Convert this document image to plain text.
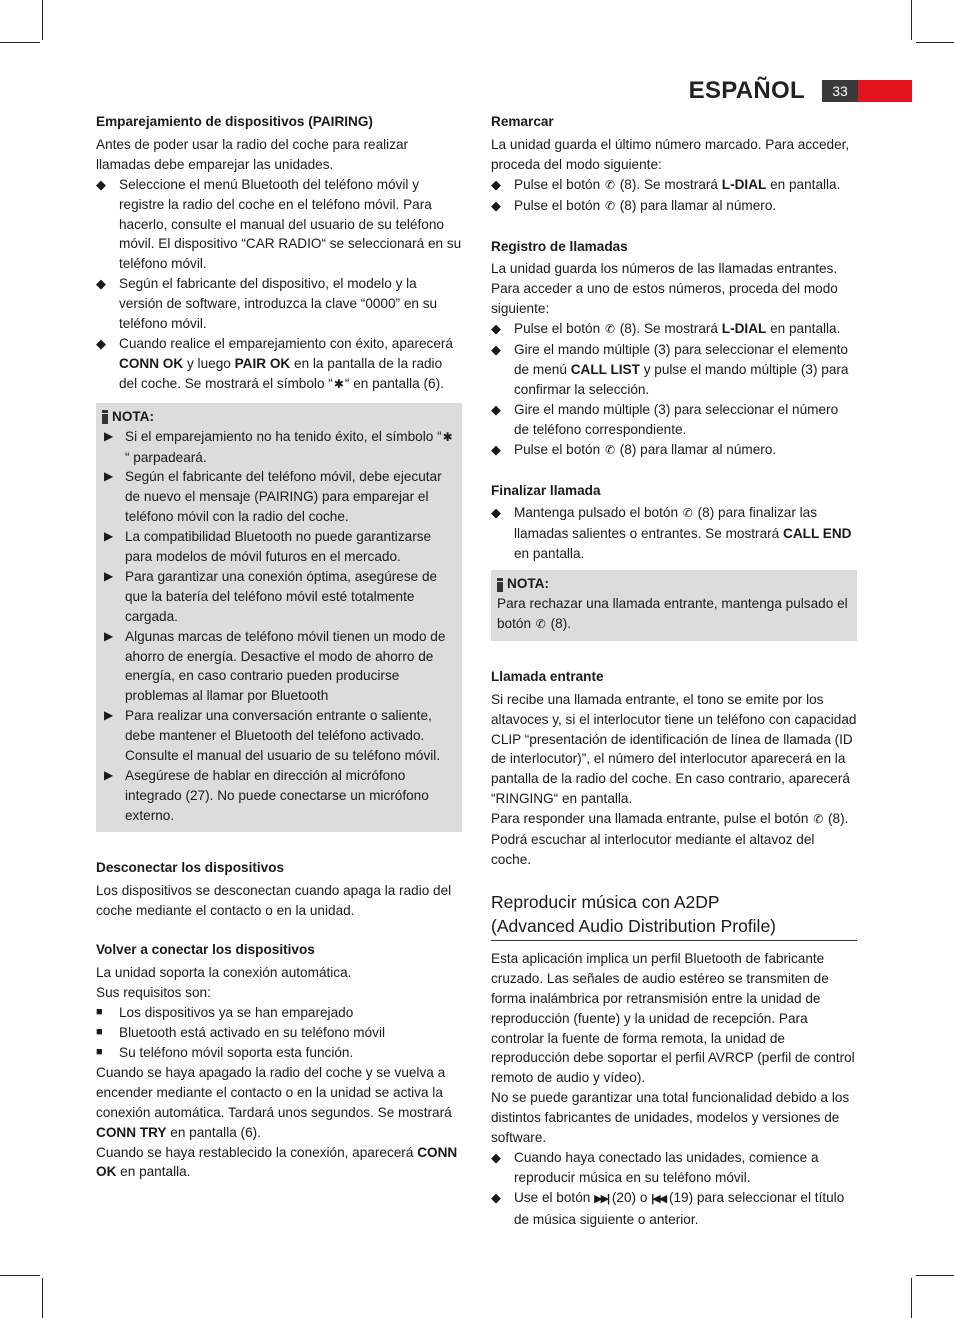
ESPAÑOL	33
Emparejamiento de dispositivos (PAIRING)

Antes de poder usar la radio del coche para realizar llamadas debe emparejar las unidades.

◆ Seleccione el menú Bluetooth del teléfono móvil y registre la radio del coche en el teléfono móvil. Para hacerlo, consulte el manual del usuario de su teléfono móvil. El dispositivo “CAR RADIO“ se seleccionará en su teléfono móvil.
◆ Según el fabricante del dispositivo, el modelo y la versión de software, introduzca la clave “0000” en su teléfono móvil.
◆ Cuando realice el emparejamiento con éxito, aparecerá CONN OK y luego PAIR OK en la pantalla de la radio del coche. Se mostrará el símbolo “✱“ en pantalla (6).
NOTA:
▶ Si el emparejamiento no ha tenido éxito, el símbolo “✱“ parpadeará.
▶ Según el fabricante del teléfono móvil, debe ejecutar de nuevo el mensaje (PAIRING) para emparejar el teléfono móvil con la radio del coche.
▶ La compatibilidad Bluetooth no puede garantizarse para modelos de móvil futuros en el mercado.
▶ Para garantizar una conexión óptima, asegúrese de que la batería del teléfono móvil esté totalmente cargada.
▶ Algunas marcas de teléfono móvil tienen un modo de ahorro de energía. Desactive el modo de ahorro de energía, en caso contrario pueden producirse problemas al llamar por Bluetooth
▶ Para realizar una conversación entrante o saliente, debe mantener el Bluetooth del teléfono activado. Consulte el manual del usuario de su teléfono móvil.
▶ Asegúrese de hablar en dirección al micrófono integrado (27). No puede conectarse un micrófono externo.
Desconectar los dispositivos

Los dispositivos se desconectan cuando apaga la radio del coche mediante el contacto o en la unidad.

Volver a conectar los dispositivos

La unidad soporta la conexión automática.

Sus requisitos son:

■ Los dispositivos ya se han emparejado
■ Bluetooth está activado en su teléfono móvil
■ Su teléfono móvil soporta esta función.

Cuando se haya apagado la radio del coche y se vuelva a encender mediante el contacto o en la unidad se activa la conexión automática. Tardará unos segundos. Se mostrará CONN TRY en pantalla (6).

Cuando se haya restablecido la conexión, aparecerá CONN OK en pantalla.

Remarcar

La unidad guarda el último número marcado. Para acceder, proceda del modo siguiente:

◆ Pulse el botón ✆ (8). Se mostrará L-DIAL en pantalla.
◆ Pulse el botón ✆ (8) para llamar al número.
Registro de llamadas

La unidad guarda los números de las llamadas entrantes. Para acceder a uno de estos números, proceda del modo siguiente:

◆ Pulse el botón ✆ (8). Se mostrará L-DIAL en pantalla.
◆ Gire el mando múltiple (3) para seleccionar el elemento de menú CALL LIST y pulse el mando múltiple (3) para confirmar la selección.
◆ Gire el mando múltiple (3) para seleccionar el número de teléfono correspondiente.
◆ Pulse el botón ✆ (8) para llamar al número.
Finalizar llamada
◆ Mantenga pulsado el botón ✆ (8) para finalizar las llamadas salientes o entrantes. Se mostrará CALL END en pantalla.
NOTA:

Para rechazar una llamada entrante, mantenga pulsado el botón ✆ (8).

Llamada entrante

Si recibe una llamada entrante, el tono se emite por los altavoces y, si el interlocutor tiene un teléfono con capacidad CLIP “presentación de identificación de línea de llamada (ID de interlocutor)”, el número del interlocutor aparecerá en la pantalla de la radio del coche. En caso contrario, aparecerá “RINGING“ en pantalla.

Para responder una llamada entrante, pulse el botón ✆ (8). Podrá escuchar al interlocutor mediante el altavoz del coche.

Reproducir música con A2DP
(Advanced Audio Distribution Profile)

Esta aplicación implica un perfil Bluetooth de fabricante cruzado. Las señales de audio estéreo se transmiten de forma inalámbrica por retransmisión entre la unidad de reproducción (fuente) y la unidad de recepción. Para controlar la fuente de forma remota, la unidad de reproducción debe soportar el perfil AVRCP (perfil de control remoto de audio y vídeo).

No se puede garantizar una total funcionalidad debido a los distintos fabricantes de unidades, modelos y versiones de software.

◆ Cuando haya conectado las unidades, comience a reproducir música en su teléfono móvil.
◆ Use el botón ▶▶| (20) o |◀◀ (19) para seleccionar el título de música siguiente o anterior.
